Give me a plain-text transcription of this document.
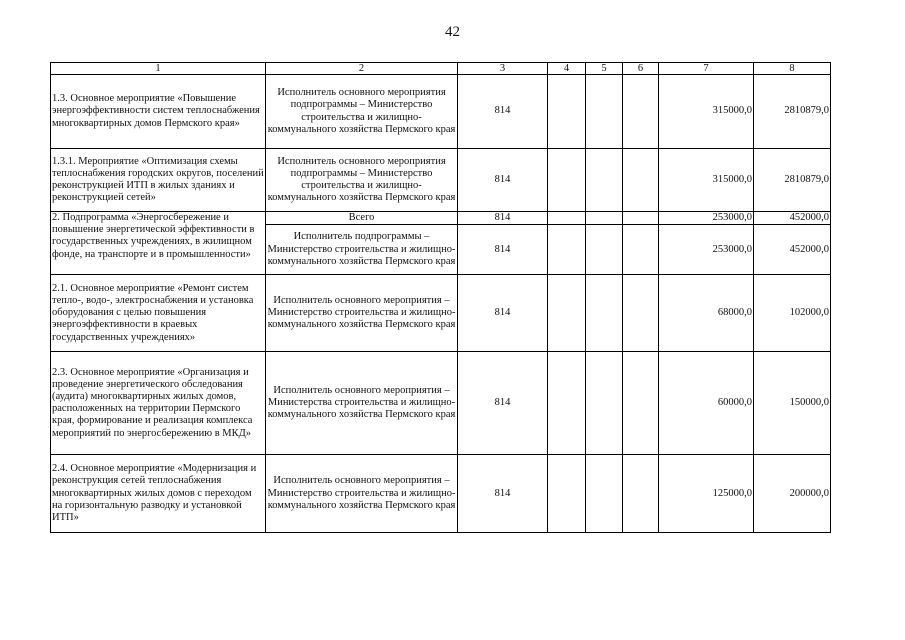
42
1	2	3	4	5	6	7	8
1.3. Основное мероприятие «Повышение энергоэффективности систем теплоснабжения многоквартирных домов Пермского края»	Исполнитель основного мероприятия подпрограммы – Министерство строительства и жилищно-коммунального хозяйства Пермского края	814				315000,0	2810879,0
1.3.1. Мероприятие «Оптимизация схемы теплоснабжения городских округов, поселений реконструкцией ИТП в жилых зданиях и реконструкцией сетей»	Исполнитель основного мероприятия подпрограммы – Министерство строительства и жилищно-коммунального хозяйства Пермского края	814				315000,0	2810879,0
2. Подпрограмма «Энергосбережение и повышение энергетической эффективности в государственных учреждениях, в жилищном фонде, на транспорте и в промышленности»	Всего	814				253000,0	452000,0
	Исполнитель подпрограммы – Министерство строительства и жилищно-коммунального хозяйства Пермского края	814				253000,0	452000,0
2.1. Основное мероприятие «Ремонт систем тепло-, водо-, электроснабжения и установка оборудования с целью повышения энергоэффективности в краевых государственных учреждениях»	Исполнитель основного мероприятия – Министерство строительства и жилищно-коммунального хозяйства Пермского края	814				68000,0	102000,0
2.3. Основное мероприятие «Организация и проведение энергетического обследования (аудита) многоквартирных жилых домов, расположенных на территории Пермского края, формирование и реализация комплекса мероприятий по энергосбережению в МКД»	Исполнитель основного мероприятия – Министерства строительства и жилищно-коммунального хозяйства Пермского края	814				60000,0	150000,0
2.4. Основное мероприятие «Модернизация и реконструкция сетей теплоснабжения многоквартирных жилых домов с переходом на горизонтальную разводку и установкой ИТП»	Исполнитель основного мероприятия – Министерство строительства и жилищно-коммунального хозяйства Пермского края	814				125000,0	200000,0
